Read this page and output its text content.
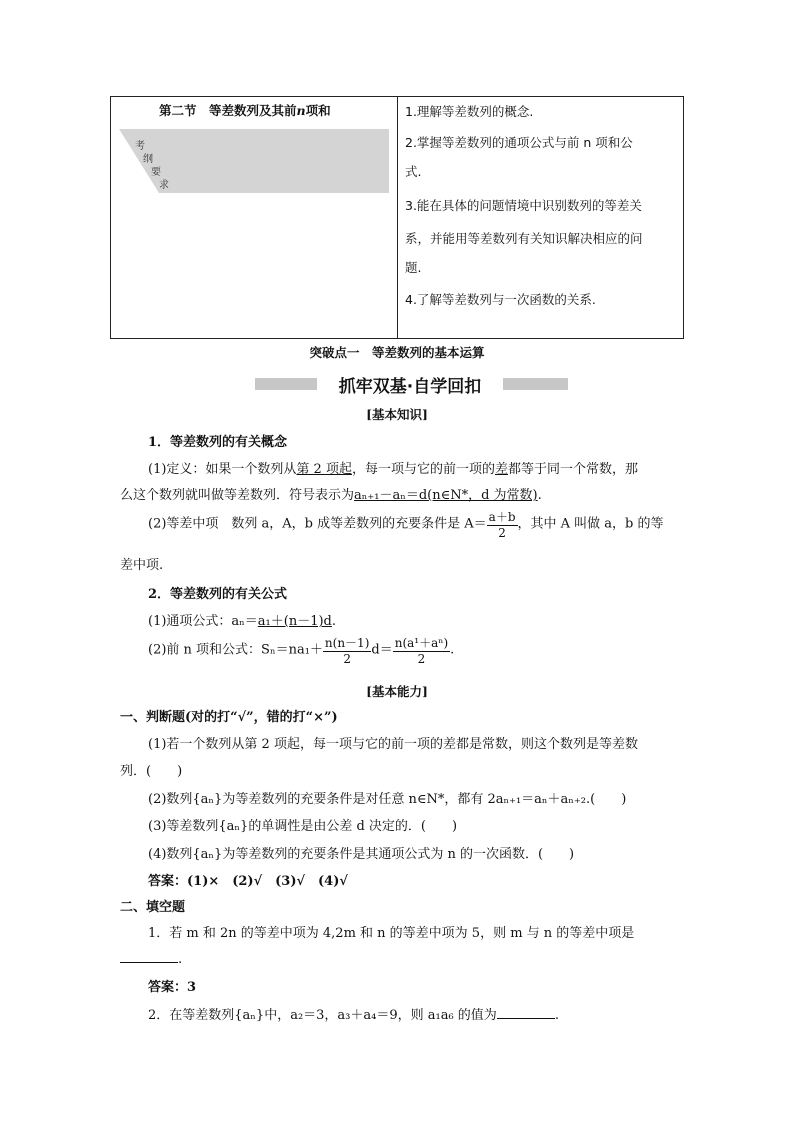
第二节　等差数列及其前n项和
考
纲
要
求
1.理解等差数列的概念.
2.掌握等差数列的通项公式与前 n 项和公
式.
3.能在具体的问题情境中识别数列的等差关
系，并能用等差数列有关知识解决相应的问
题.
4.了解等差数列与一次函数的关系.
突破点一　等差数列的基本运算
抓牢双基·自学回扣
[基本知识]
1．等差数列的有关概念
(1)定义：如果一个数列从第 2 项起，每一项与它的前一项的差都等于同一个常数，那
么这个数列就叫做等差数列．符号表示为aₙ₊₁－aₙ＝d(n∈N*，d 为常数).
(2)等差中项　数列 a，A，b 成等差数列的充要条件是 $A= \frac{a+b}{2}$ ，其中 A 叫做 a，b 的等
差中项.
2．等差数列的有关公式
(1)通项公式：aₙ＝a₁＋(n－1)d.
(2)前 n 项和公式：$S_n=na_1+ \frac{n(n-1)}{2} d= \frac{\text{n(a¹＋aⁿ)}}{2}$ .
[基本能力]
一、判断题(对的打“√”，错的打“×”)
(1)若一个数列从第 2 项起，每一项与它的前一项的差都是常数，则这个数列是等差数
列．(　　)
(2)数列{aₙ}为等差数列的充要条件是对任意 n∈N*，都有 2aₙ₊₁＝aₙ＋aₙ₊₂.(　　)
(3)等差数列{aₙ}的单调性是由公差 d 决定的．(　　)
(4)数列{aₙ}为等差数列的充要条件是其通项公式为 n 的一次函数．(　　)
答案：(1)×　(2)√　(3)√　(4)√
二、填空题
1．若 m 和 2n 的等差中项为 4,2m 和 n 的等差中项为 5，则 m 与 n 的等差中项是
.
答案：3
2．在等差数列{aₙ}中，a₂＝3，a₃＋a₄＝9，则 a₁a₆ 的值为	.
